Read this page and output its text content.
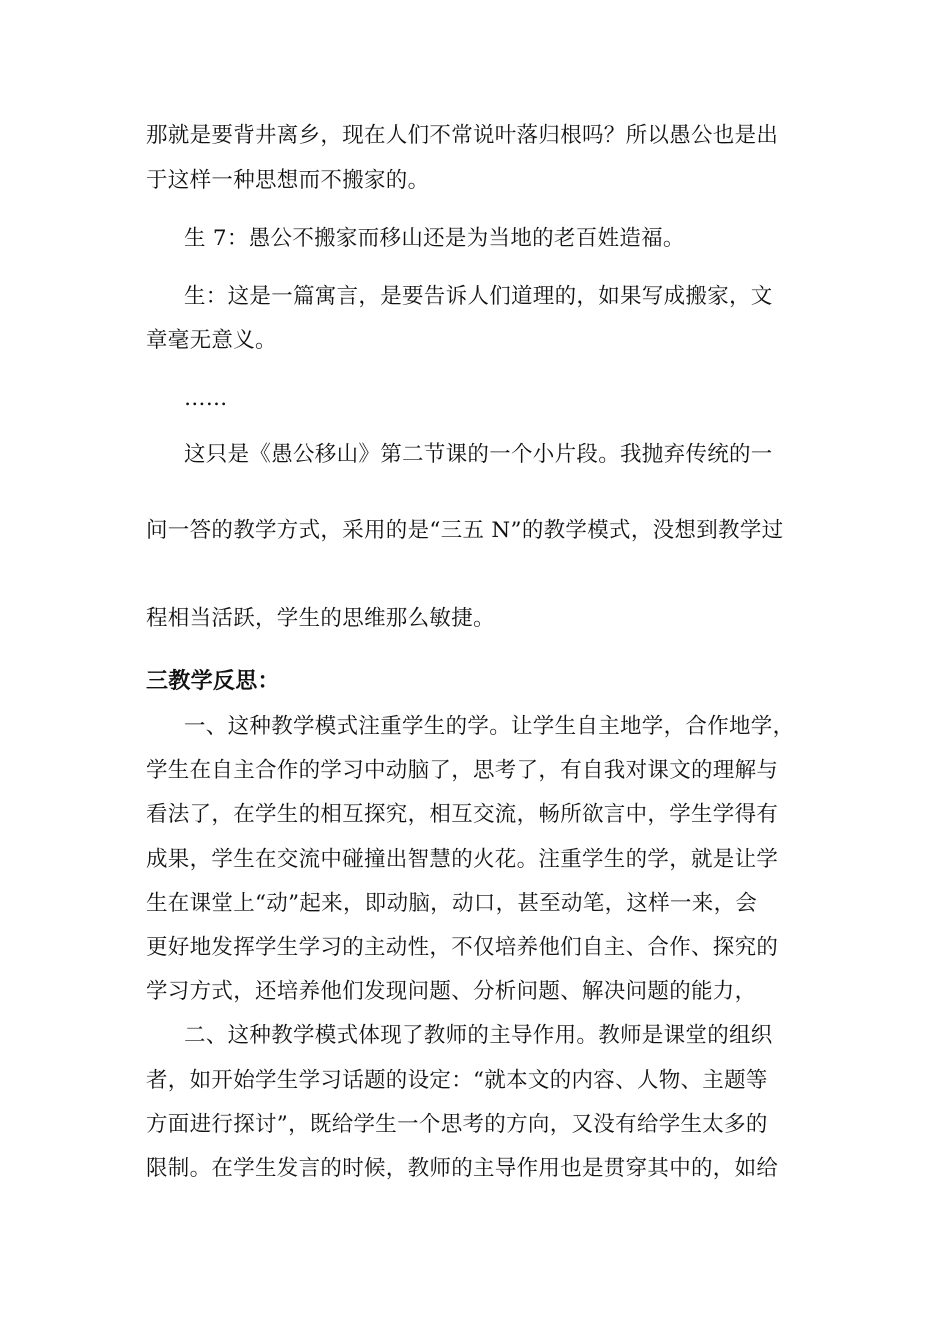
那就是要背井离乡，现在人们不常说叶落归根吗？所以愚公也是出
于这样一种思想而不搬家的。
生 7：愚公不搬家而移山还是为当地的老百姓造福。
生：这是一篇寓言，是要告诉人们道理的，如果写成搬家，文
章毫无意义。
……
这只是《愚公移山》第二节课的一个小片段。我抛弃传统的一
问一答的教学方式，采用的是“三五 N”的教学模式，没想到教学过
程相当活跃，学生的思维那么敏捷。
三教学反思：
一、这种教学模式注重学生的学。让学生自主地学，合作地学，
学生在自主合作的学习中动脑了，思考了，有自我对课文的理解与
看法了，在学生的相互探究，相互交流，畅所欲言中，学生学得有
成果，学生在交流中碰撞出智慧的火花。注重学生的学，就是让学
生在课堂上“动”起来，即动脑，动口，甚至动笔，这样一来，会
更好地发挥学生学习的主动性，不仅培养他们自主、合作、探究的
学习方式，还培养他们发现问题、分析问题、解决问题的能力，
二、这种教学模式体现了教师的主导作用。教师是课堂的组织
者，如开始学生学习话题的设定：“就本文的内容、人物、主题等
方面进行探讨”，既给学生一个思考的方向，又没有给学生太多的
限制。在学生发言的时候，教师的主导作用也是贯穿其中的，如给
